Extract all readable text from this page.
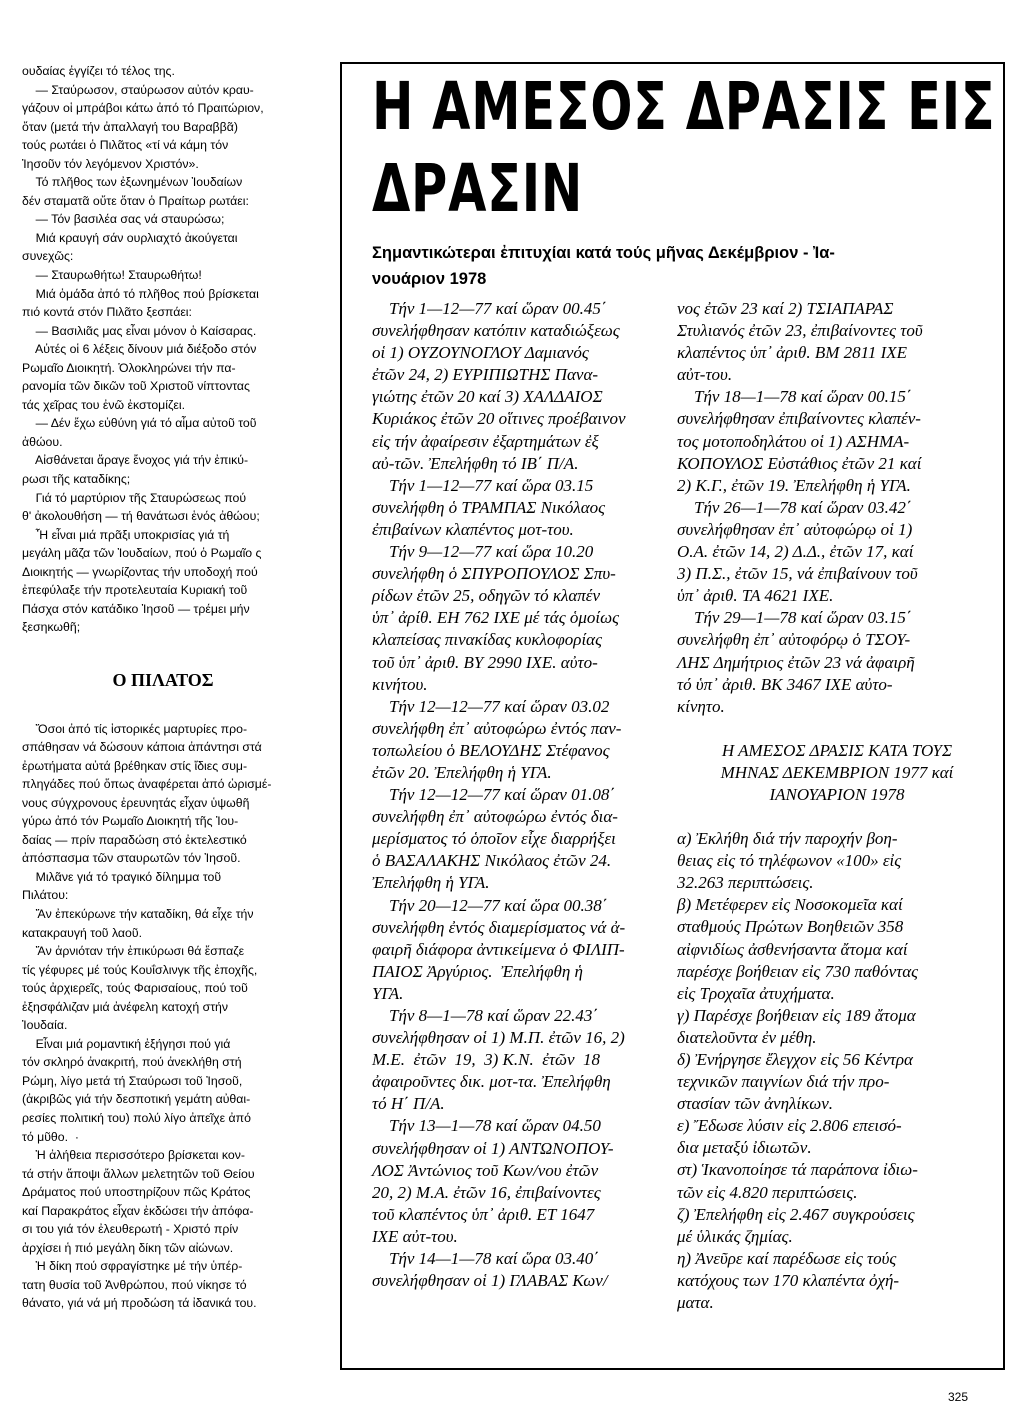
ουδαίας ἐγγίζει τό τέλος της.

— Σταύρωσον, σταύρωσον αὐτόν κραυ-

γάζουν οἱ μπράβοι κάτω ἀπό τό Πραιτώριον,

ὅταν (μετά τήν ἀπαλλαγή του Βαραββᾶ)

τούς ρωτάει ὁ Πιλᾶτος «τί νά κάμη τόν

Ἰησοῦν τόν λεγόμενον Χριστόν».

Τό πλῆθος των ἐξωνημένων Ἰουδαίων

δέν σταματᾶ οὔτε ὅταν ὁ Πραίτωρ ρωτάει:

— Τόν βασιλέα σας νά σταυρώσω;

Μιά κραυγή σάν ουρλιαχτό ἀκούγεται

συνεχῶς:

— Σταυρωθήτω! Σταυρωθήτω!

Μιά ὁμάδα ἀπό τό πλῆθος πού βρίσκεται

πιό κοντά στόν Πιλᾶτο ξεσπάει:

— Βασιλιᾶς μας εἶναι μόνον ὁ Καίσαρας.

Αὐτές οἱ 6 λέξεις δίνουν μιά διέξοδο στόν

Ρωμαῖο Διοικητή. Ὁλοκληρώνει τήν πα-

ρανομία τῶν δικῶν τοῦ Χριστοῦ νίπτοντας

τάς χεῖρας του ἐνῶ ἐκστομίζει.

— Δέν ἔχω εὐθύνη γιά τό αἷμα αὐτοῦ τοῦ

ἀθώου.

Αἰσθάνεται ἄραγε ἔνοχος γιά τήν ἐπικύ-

ρωσι τῆς καταδίκης;

Γιά τό μαρτύριον τῆς Σταυρώσεως πού

θ' ἀκολουθήση — τή θανάτωσι ἑνός ἀθώου;

Ἦ εἶναι μιά πρᾶξι υποκρισίας γιά τή

μεγάλη μᾶζα τῶν Ἰουδαίων, πού ὁ Ρωμαῖο ς

Διοικητής — γνωρίζοντας τήν υποδοχή πού

ἐπεφύλαξε τήν προτελευταία Κυριακή τοῦ

Πάσχα στόν κατάδικο Ἰησοῦ — τρέμει μήν

ξεσηκωθῆ;

Ο ΠΙΛΑΤΟΣ

Ὅσοι ἀπό τίς ἱστορικές μαρτυρίες προ-

σπάθησαν νά δώσουν κάποια ἀπάντησι στά

ἐρωτήματα αὐτά βρέθηκαν στίς ἴδιες συμ-

πληγάδες πού ὅπως ἀναφέρεται ἀπό ὡρισμέ-

νους σύγχρονους ἐρευνητάς εἶχαν ὑψωθῆ

γύρω ἀπό τόν Ρωμαῖο Διοικητή τῆς Ἰου-

δαίας — πρίν παραδώση στό ἐκτελεστικό

ἀπόσπασμα τῶν σταυρωτῶν τόν Ἰησοῦ.

Μιλᾶνε γιά τό τραγικό δίλημμα τοῦ

Πιλάτου:

Ἄν ἐπεκύρωνε τήν καταδίκη, θά εἶχε τήν

κατακραυγή τοῦ λαοῦ.

Ἄν ἀρνιόταν τήν ἐπικύρωσι θά ἔσπαζε

τίς γέφυρες μέ τούς Κουΐσλινγκ τῆς ἐποχῆς,

τούς ἀρχιερεῖς, τούς Φαρισαίους, πού τοῦ

ἐξησφάλιζαν μιά ἀνέφελη κατοχή στήν

Ἰουδαία.

Εἶναι μιά ρομαντική ἐξήγησι πού γιά

τόν σκληρό ἀνακριτή, πού ἀνεκλήθη στή

Ρώμη, λίγο μετά τή Σταύρωσι τοῦ Ἰησοῦ,

(ἀκριβῶς γιά τήν δεσποτική γεμάτη αὐθαι-

ρεσίες πολιτική του) πολύ λίγο ἀπεῖχε ἀπό

τό μῦθο.  ·

Ἡ ἀλήθεια περισσότερο βρίσκεται κον-

τά στήν ἄποψι ἄλλων μελετητῶν τοῦ Θείου

Δράματος πού υποστηρίζουν πῶς Κράτος

καί Παρακράτος εἶχαν ἐκδώσει τήν ἀπόφα-

σι του γιά τόν ἐλευθερωτή - Χριστό πρίν

ἀρχίσει ἡ πιό μεγάλη δίκη τῶν αἰώνων.

Ἡ δίκη πού σφραγίστηκε μέ τήν ὑπέρ-

τατη θυσία τοῦ Ἀνθρώπου, πού νίκησε τό

θάνατο, γιά νά μή προδώση τά ἰδανικά του.

Η ΑΜΕΣΟΣ ΔΡΑΣΙΣ ΕΙΣ
ΔΡΑΣΙΝ
Σημαντικώτεραι ἐπιτυχίαι κατά τούς μῆνας Δεκέμβριον - Ἰα-
νουάριον 1978

Τήν 1—12—77 καί ὥραν 00.45΄

συνελήφθησαν κατόπιν καταδιώξεως

οἱ 1) ΟΥΖΟΥΝΟΓΛΟΥ Δαμιανός

ἐτῶν 24, 2) ΕΥΡΙΠΙΩΤΗΣ Πανα-

γιώτης ἐτῶν 20 καί 3) ΧΑΛΔΑΙΟΣ

Κυριάκος ἐτῶν 20 οἵτινες προέβαινον

εἰς τήν ἀφαίρεσιν ἐξαρτημάτων ἐξ

αὐ-τῶν. Ἐπελήφθη τό ΙΒ΄ Π/Α.

Τήν 1—12—77 καί ὥρα 03.15

συνελήφθη ὁ ΤΡΑΜΠΑΣ Νικόλαος

ἐπιβαίνων κλαπέντος μοτ-του.

Τήν 9—12—77 καί ὥρα 10.20

συνελήφθη ὁ ΣΠΥΡΟΠΟΥΛΟΣ Σπυ-

ρίδων ἐτῶν 25, οδηγῶν τό κλαπέν

ὑπ᾽ ἀρίθ. ΕΗ 762 ΙΧΕ μέ τάς ὁμοίως

κλαπείσας πινακίδας κυκλοφορίας

τοῦ ὑπ᾽ ἀριθ. ΒΥ 2990 ΙΧΕ. αὐτο-

κινήτου.

Τήν 12—12—77 καί ὥραν 03.02

συνελήφθη ἐπ᾽ αὐτοφώρω ἐντός παν-

τοπωλείου ὁ ΒΕΛΟΥΔΗΣ Στέφανος

ἐτῶν 20. Ἐπελήφθη ἡ ΥΓΑ.

Τήν 12—12—77 καί ὥραν 01.08΄

συνελήφθη ἐπ᾽ αὐτοφώρω ἐντός δια-

μερίσματος τό ὁποῖον εἶχε διαρρήξει

ὁ ΒΑΣΑΛΑΚΗΣ Νικόλαος ἐτῶν 24.

Ἐπελήφθη ἡ ΥΓΑ.

Τήν 20—12—77 καί ὥρα 00.38΄

συνελήφθη ἐντός διαμερίσματος νά ἀ-

φαιρῆ διάφορα ἀντικείμενα ὁ ΦΙΛΙΠ-

ΠΑΙΟΣ Ἀργύριος.  Ἐπελήφθη ἡ

ΥΓΑ.

Τήν 8—1—78 καί ὥραν 22.43΄

συνελήφθησαν οἱ 1) Μ.Π. ἐτῶν 16, 2)

Μ.Ε.  ἐτῶν  19,  3) Κ.Ν.  ἐτῶν  18

ἀφαιροῦντες δικ. μοτ-τα. Ἐπελήφθη

τό Η΄ Π/Α.

Τήν 13—1—78 καί ὥραν 04.50

συνελήφθησαν οἱ 1) ΑΝΤΩΝΟΠΟΥ-

ΛΟΣ Ἀντώνιος τοῦ Κων/νου ἐτῶν

20, 2) Μ.Α. ἐτῶν 16, ἐπιβαίνοντες

τοῦ κλαπέντος ὑπ᾽ ἀριθ. ΕΤ 1647

ΙΧΕ αὐτ-του.

Τήν 14—1—78 καί ὥρα 03.40΄

συνελήφθησαν οἱ 1) ΓΛΑΒΑΣ Κων/

νος ἐτῶν 23 καί 2) ΤΣΙΑΠΑΡΑΣ

Στυλιανός ἐτῶν 23, ἐπιβαίνοντες τοῦ

κλαπέντος ὑπ᾽ ἀριθ. ΒΜ 2811 ΙΧΕ

αὐτ-του.

Τήν 18—1—78 καί ὥραν 00.15΄

συνελήφθησαν ἐπιβαίνοντες κλαπέν-

τος μοτοποδηλάτου οἱ 1) ΑΣΗΜΑ-

ΚΟΠΟΥΛΟΣ Εὐστάθιος ἐτῶν 21 καί

2) Κ.Γ., ἐτῶν 19. Ἐπελήφθη ἡ ΥΓΑ.

Τήν 26—1—78 καί ὥραν 03.42΄

συνελήφθησαν ἐπ᾽ αὐτοφώρῳ οἱ 1)

Ο.Α. ἐτῶν 14, 2) Δ.Δ., ἐτῶν 17, καί

3) Π.Σ., ἐτῶν 15, νά ἐπιβαίνουν τοῦ

ὑπ᾽ ἀριθ. ΤΑ 4621 ΙΧΕ.

Τήν 29—1—78 καί ὥραν 03.15΄

συνελήφθη ἐπ᾽ αὐτοφόρῳ ὁ ΤΣΟΥ-

ΛΗΣ Δημήτριος ἐτῶν 23 νά ἀφαιρῆ

τό ὑπ᾽ ἀριθ. ΒΚ 3467 ΙΧΕ αὐτο-

κίνητο.

Η ΑΜΕΣΟΣ ΔΡΑΣΙΣ ΚΑΤΑ ΤΟΥΣ

ΜΗΝΑΣ ΔΕΚΕΜΒΡΙΟΝ 1977 καί

ΙΑΝΟΥΑΡΙΟΝ 1978

α) Ἐκλήθη διά τήν παροχήν βοη-

θειας εἰς τό τηλέφωνον «100» εἰς

32.263 περιπτώσεις.

β) Μετέφερεν εἰς Νοσοκομεῖα καί

σταθμούς Πρώτων Βοηθειῶν 358

αἰφνιδίως ἀσθενήσαντα ἄτομα καί

παρέσχε βοήθειαν εἰς 730 παθόντας

εἰς Τροχαῖα ἀτυχήματα.

γ) Παρέσχε βοήθειαν εἰς 189 ἄτομα

διατελοῦντα ἐν μέθη.

δ) Ἐνήργησε ἔλεγχον εἰς 56 Κέντρα

τεχνικῶν παιγνίων διά τήν προ-

στασίαν τῶν ἀνηλίκων.

ε) Ἔδωσε λύσιν εἰς 2.806 επεισό-

δια μεταξύ ἰδιωτῶν.

στ) Ἱκανοποίησε τά παράπονα ἰδιω-

τῶν εἰς 4.820 περιπτώσεις.

ζ) Ἐπελήφθη εἰς 2.467 συγκρούσεις

μέ ὑλικάς ζημίας.

η) Ἀνεῦρε καί παρέδωσε εἰς τούς

κατόχους των 170 κλαπέντα ὀχή-

ματα.

325
